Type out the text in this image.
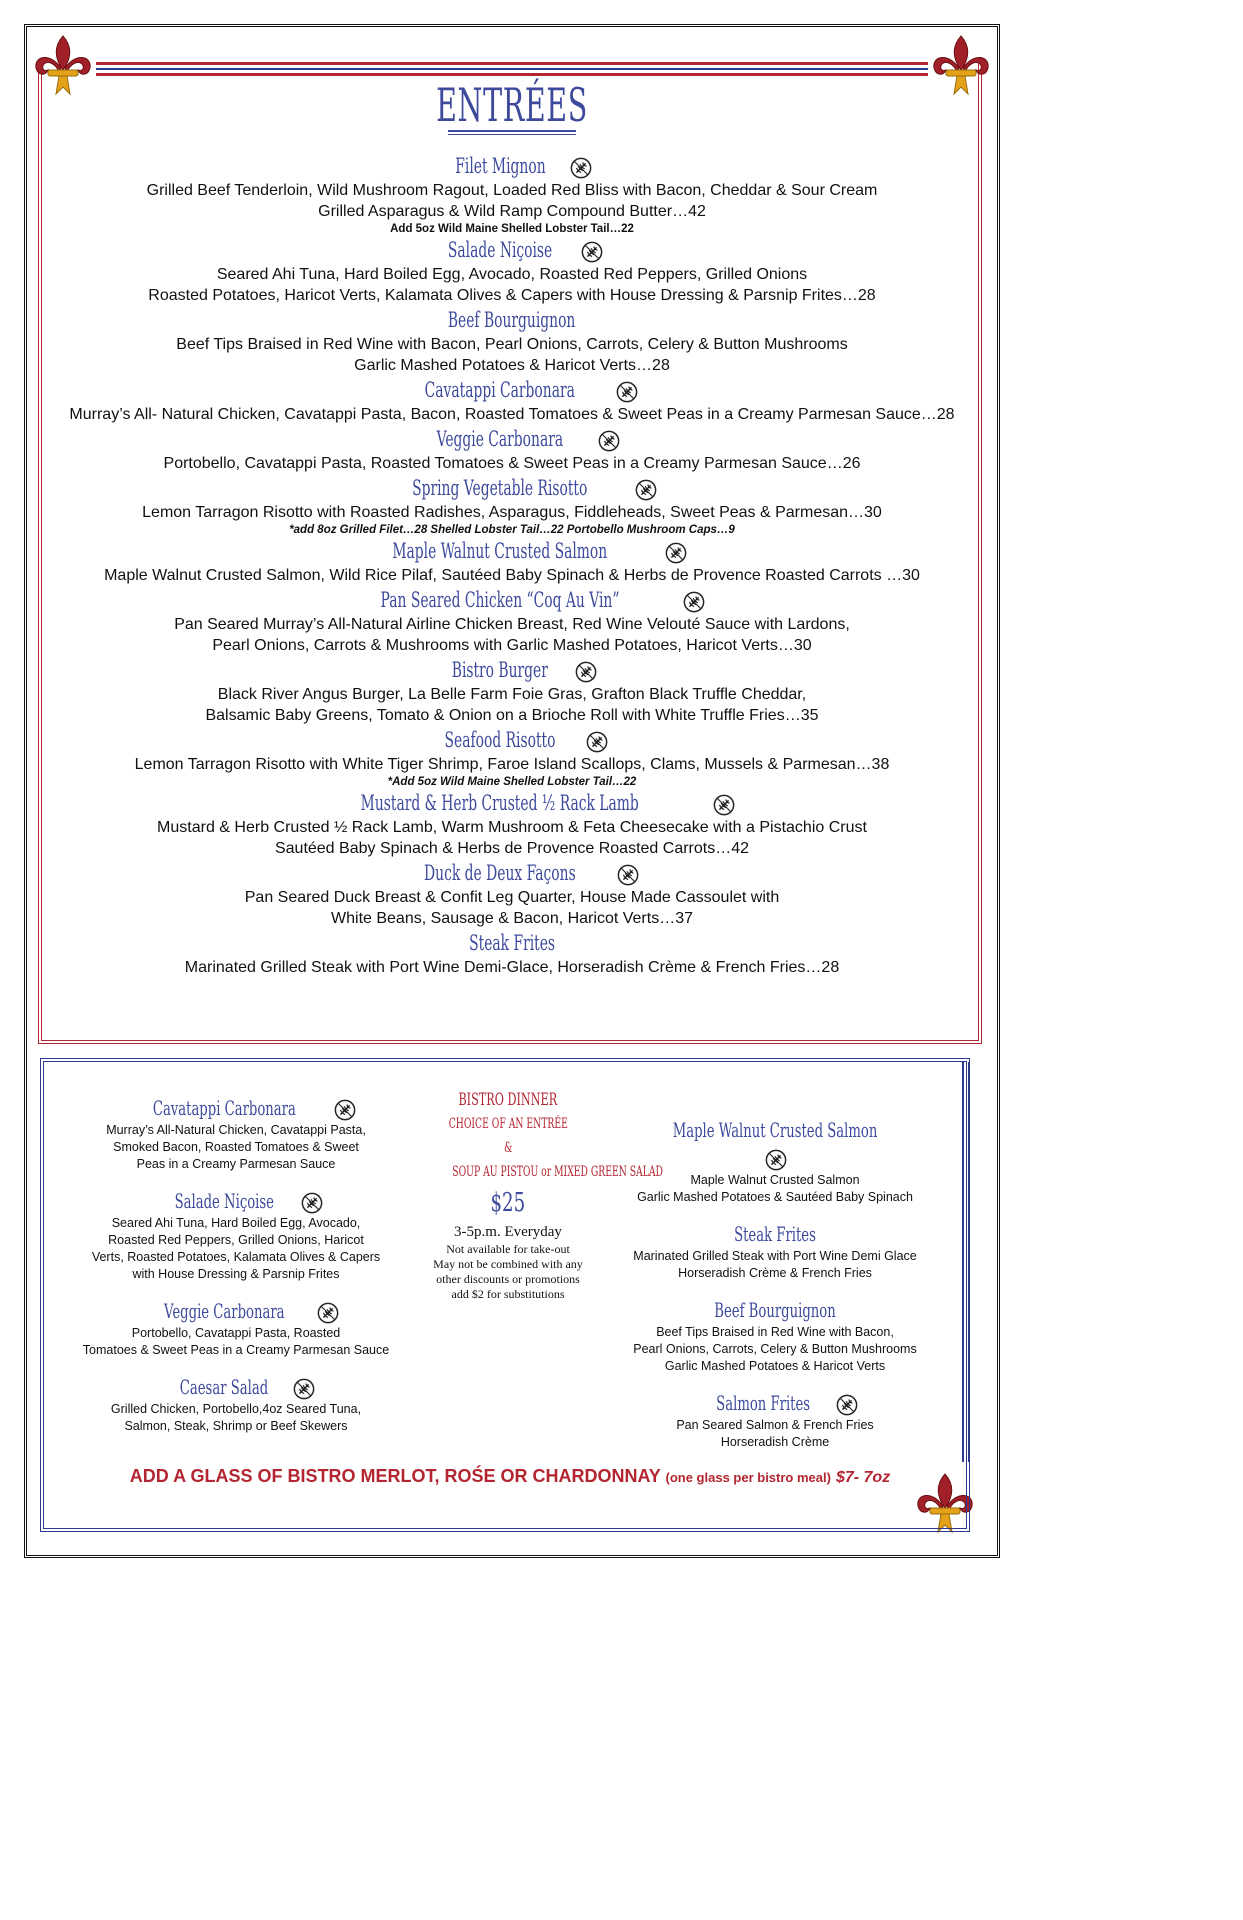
ENTRÉES
Filet Mignon
Grilled Beef Tenderloin, Wild Mushroom Ragout, Loaded Red Bliss with Bacon, Cheddar & Sour Cream
Grilled Asparagus & Wild Ramp Compound Butter…42
Add 5oz Wild Maine Shelled Lobster Tail…22
Salade Niçoise
Seared Ahi Tuna, Hard Boiled Egg, Avocado, Roasted Red Peppers, Grilled Onions
Roasted Potatoes, Haricot Verts, Kalamata Olives & Capers with House Dressing & Parsnip Frites…28
Beef Bourguignon
Beef Tips Braised in Red Wine with Bacon, Pearl Onions, Carrots, Celery & Button Mushrooms
Garlic Mashed Potatoes & Haricot Verts…28
Cavatappi Carbonara
Murray’s All- Natural Chicken, Cavatappi Pasta, Bacon, Roasted Tomatoes & Sweet Peas in a Creamy Parmesan Sauce…28
Veggie Carbonara
Portobello, Cavatappi Pasta, Roasted Tomatoes & Sweet Peas in a Creamy Parmesan Sauce…26
Spring Vegetable Risotto
Lemon Tarragon Risotto with Roasted Radishes, Asparagus, Fiddleheads, Sweet Peas & Parmesan…30
*add 8oz Grilled Filet…28 Shelled Lobster Tail…22 Portobello Mushroom Caps…9
Maple Walnut Crusted Salmon
Maple Walnut Crusted Salmon, Wild Rice Pilaf, Sautéed Baby Spinach & Herbs de Provence Roasted Carrots …30
Pan Seared Chicken “Coq Au Vin”
Pan Seared Murray’s All-Natural Airline Chicken Breast, Red Wine Velouté Sauce with Lardons,
Pearl Onions, Carrots & Mushrooms with Garlic Mashed Potatoes, Haricot Verts…30
Bistro Burger
Black River Angus Burger, La Belle Farm Foie Gras, Grafton Black Truffle Cheddar,
Balsamic Baby Greens, Tomato & Onion on a Brioche Roll with White Truffle Fries…35
Seafood Risotto
Lemon Tarragon Risotto with White Tiger Shrimp, Faroe Island Scallops, Clams, Mussels & Parmesan…38
*Add 5oz Wild Maine Shelled Lobster Tail…22
Mustard & Herb Crusted ½ Rack Lamb
Mustard & Herb Crusted ½ Rack Lamb, Warm Mushroom & Feta Cheesecake with a Pistachio Crust
Sautéed Baby Spinach & Herbs de Provence Roasted Carrots…42
Duck de Deux Façons
Pan Seared Duck Breast & Confit Leg Quarter, House Made Cassoulet with
White Beans, Sausage & Bacon, Haricot Verts…37
Steak Frites
Marinated Grilled Steak with Port Wine Demi-Glace, Horseradish Crème & French Fries…28
Cavatappi Carbonara
Murray’s All-Natural Chicken, Cavatappi Pasta,
Smoked Bacon, Roasted Tomatoes & Sweet
Peas in a Creamy Parmesan Sauce
Salade Niçoise
Seared Ahi Tuna, Hard Boiled Egg, Avocado,
Roasted Red Peppers, Grilled Onions, Haricot
Verts, Roasted Potatoes, Kalamata Olives & Capers
with House Dressing & Parsnip Frites
Veggie Carbonara
Portobello, Cavatappi Pasta, Roasted
Tomatoes & Sweet Peas in a Creamy Parmesan Sauce
Caesar Salad
Grilled Chicken, Portobello,4oz Seared Tuna,
Salmon, Steak, Shrimp or Beef Skewers
BISTRO DINNER
CHOICE OF AN ENTRÉE
&
SOUP AU PISTOU or MIXED GREEN SALAD
$25
3-5p.m. Everyday
Not available for take-out
May not be combined with any
other discounts or promotions
add $2 for substitutions
Maple Walnut Crusted Salmon
Maple Walnut Crusted Salmon
Garlic Mashed Potatoes & Sautéed Baby Spinach
Steak Frites
Marinated Grilled Steak with Port Wine Demi Glace
Horseradish Crème & French Fries
Beef Bourguignon
Beef Tips Braised in Red Wine with Bacon,
Pearl Onions, Carrots, Celery & Button Mushrooms
Garlic Mashed Potatoes & Haricot Verts
Salmon Frites
Pan Seared Salmon & French Fries
Horseradish Crème
ADD A GLASS OF BISTRO MERLOT, ROŚE OR CHARDONNAY (one glass per bistro meal) $7- 7oz
